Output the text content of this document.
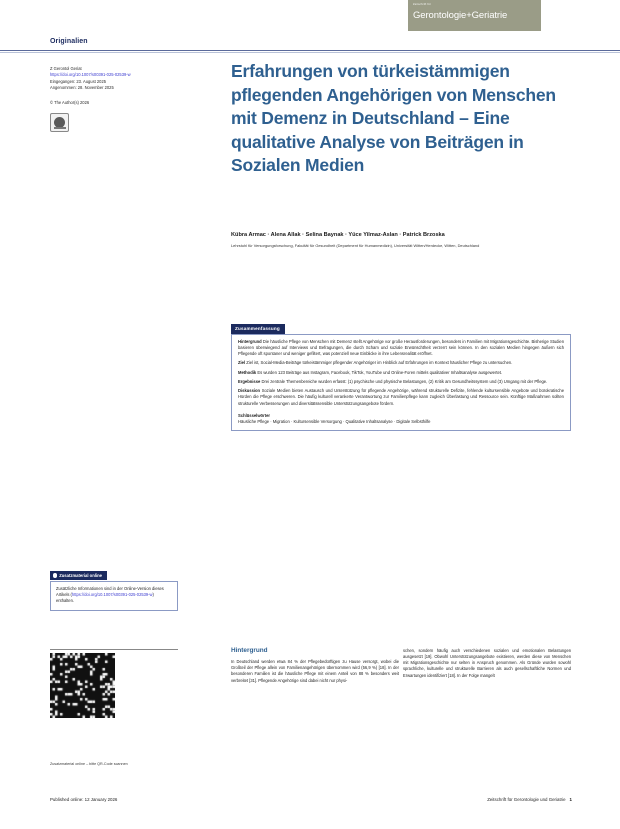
Zeitschrift für
Gerontologie+Geriatrie
Originalien
Z Gerontol Geriat
https://doi.org/10.1007/s00391-025-02539-w
Eingegangen: 23. August 2025
Angenommen: 28. November 2025
© The Author(s) 2026
Erfahrungen von türkeistämmigen pflegenden Angehörigen von Menschen mit Demenz in Deutschland – Eine qualitative Analyse von Beiträgen in Sozialen Medien
Kübra Armac · Alena Allak · Selina Baynak · Yüce Yilmaz-Aslan · Patrick Brzoska
Lehrstuhl für Versorgungsforschung, Fakultät für Gesundheit (Department für Humanmedizin), Universität Witten/Herdecke, Witten, Deutschland
Zusammenfassung

Hintergrund Die häusliche Pflege von Menschen mit Demenz stellt Angehörige vor große Herausforderungen, besonders in Familien mit Migrationsgeschichte. Bisherige Studien basieren überwiegend auf Interviews und Befragungen, die durch Scham und soziale Erwünschtheit verzerrt sein können. In den sozialen Medien hingegen äußern sich Pflegende oft spontaner und weniger gefiltert, was potenziell neue Einblicke in ihre Lebensrealität eröffnet.

Ziel Ziel ist, Social-Media-Beiträge türkeistämmiger pflegender Angehöriger im Hinblick auf Erfahrungen im Kontext häuslicher Pflege zu untersuchen.

Methodik Es wurden 123 Beiträge aus Instagram, Facebook, TikTok, YouTube und Online-Foren mittels qualitativer Inhaltsanalyse ausgewertet.

Ergebnisse Drei zentrale Themenbereiche wurden erfasst: (1) psychische und physische Belastungen, (2) Kritik am Gesundheitssystem und (3) Umgang mit der Pflege.

Diskussion Soziale Medien bieten Austausch und Unterstützung für pflegende Angehörige, während strukturelle Defizite, fehlende kultursensible Angebote und bürokratische Hürden die Pflege erschweren. Die häufig kulturell verankerte Verantwortung zur Familienpflege kann zugleich Überlastung und Ressource sein. Künftige Maßnahmen sollten strukturelle Verbesserungen und diversitätssensible Unterstützungsangebote fördern.

Schlüsselwörter
Häusliche Pflege · Migration · Kultursensible Versorgung · Qualitative Inhaltsanalyse · Digitale Selbsthilfe
Zusatzmaterial online

Zusätzliche Informationen sind in der Online-Version dieses Artikels (https://doi.org/10.1007/s00391-025-02539-w) enthalten.

Zusatzmaterial online – bitte QR-Code scannen
Hintergrund

In Deutschland werden etwa 84 % der Pflegebedürftigen zu Hause versorgt, wobei die Großteil der Pflege allein von Familienangehörigen übernommen wird (56,9 %) [18]. In der besonderen Familien ist die häusliche Pflege mit einem Anteil von 88 % besonders weit verbreitet [31]. Pflegende Angehörige sind dabei nicht nur physi-

schen, sondern häufig auch verschiedenen sozialen und emotionalen Belastungen ausgesetzt [19]. Obwohl Unterstützungsangebote existieren, werden diese von Menschen mit Migrationsgeschichte nur selten in Anspruch genommen. Als Gründe wurden sowohl sprachliche, kulturelle und strukturelle Barrieren als auch gesellschaftliche Normen und Erwartungen identifiziert [18]. In der Folge mangelt

Published online: 12 January 2026	Zeitschrift für Gerontologie und Geriatrie 1
